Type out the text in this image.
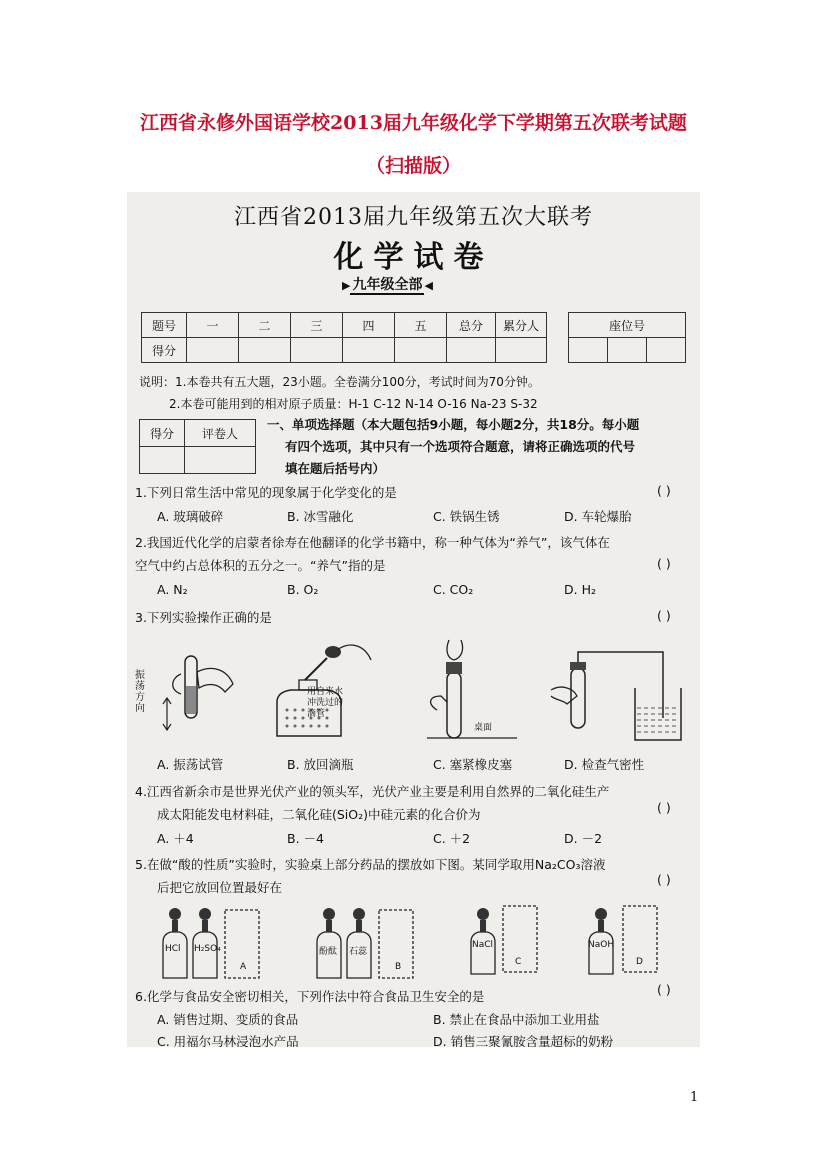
江西省永修外国语学校2013届九年级化学下学期第五次联考试题
（扫描版）
江西省2013届九年级第五次大联考
化学试卷
▶ 九年级全部 ◀
题号	一	二	三	四	五	总分	累分人
得分							
座位号

说明：1.本卷共有五大题，23小题。全卷满分100分，考试时间为70分钟。
2.本卷可能用到的相对原子质量：H-1 C-12 N-14 O-16 Na-23 S-32
得分	评卷人

一、单项选择题（本大题包括9小题，每小题2分，共18分。每小题
有四个选项，其中只有一个选项符合题意，请将正确选项的代号
填在题后括号内）
1.下列日常生活中常见的现象属于化学变化的是	( )
A. 玻璃破碎	B. 冰雪融化	C. 铁锅生锈	D. 车轮爆胎
2.我国近代化学的启蒙者徐寿在他翻译的化学书籍中，称一种气体为“养气”，该气体在
空气中约占总体积的五分之一。“养气”指的是	( )
A. N₂	B. O₂	C. CO₂	D. H₂
3.下列实验操作正确的是	( )
振荡方向
用自来水冲洗过的滴管
桌面
A. 振荡试管	B. 放回滴瓶	C. 塞紧橡皮塞	D. 检查气密性
4.江西省新余市是世界光伏产业的领头军，光伏产业主要是利用自然界的二氧化硅生产
成太阳能发电材料硅，二氧化硅(SiO₂)中硅元素的化合价为	( )
A. ＋4	B. －4	C. ＋2	D. －2
5.在做“酸的性质”实验时，实验桌上部分药品的摆放如下图。某同学取用Na₂CO₃溶液
后把它放回位置最好在
( )
HCl H₂SO₄
A
酚酞 石蕊
B
NaCl
C
NaOH
D
6.化学与食品安全密切相关，下列作法中符合食品卫生安全的是	( )
A. 销售过期、变质的食品	B. 禁止在食品中添加工业用盐
C. 用福尔马林浸泡水产品	D. 销售三聚氰胺含量超标的奶粉
1
